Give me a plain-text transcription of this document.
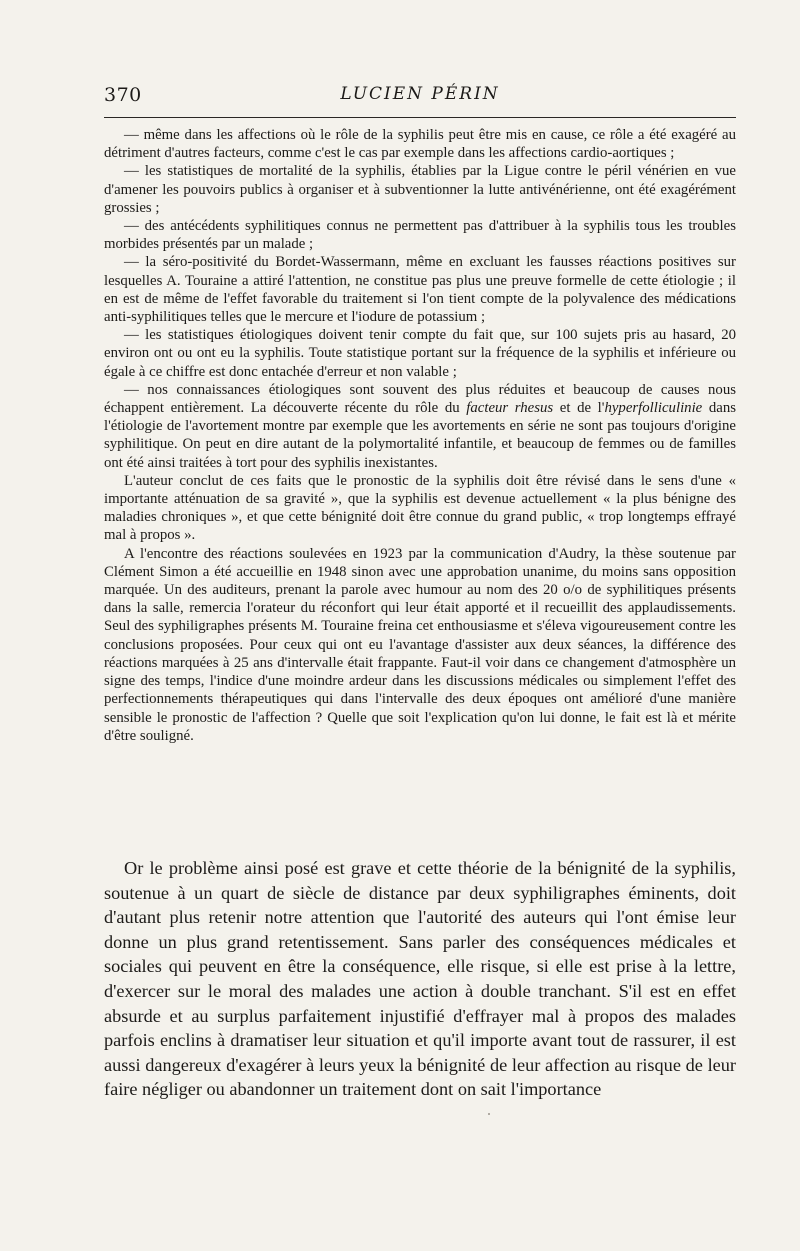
370	LUCIEN PÉRIN

— même dans les affections où le rôle de la syphilis peut être mis en cause, ce rôle a été exagéré au détriment d'autres facteurs, comme c'est le cas par exemple dans les affections cardio-aortiques ;

— les statistiques de mortalité de la syphilis, établies par la Ligue contre le péril vénérien en vue d'amener les pouvoirs publics à organiser et à subventionner la lutte antivénérienne, ont été exagérément grossies ;

— des antécédents syphilitiques connus ne permettent pas d'attribuer à la syphilis tous les troubles morbides présentés par un malade ;

— la séro-positivité du Bordet-Wassermann, même en excluant les fausses réactions positives sur lesquelles A. Touraine a attiré l'attention, ne constitue pas plus une preuve formelle de cette étiologie ; il en est de même de l'effet favorable du traitement si l'on tient compte de la polyvalence des médications anti-syphilitiques telles que le mercure et l'iodure de potassium ;

— les statistiques étiologiques doivent tenir compte du fait que, sur 100 sujets pris au hasard, 20 environ ont ou ont eu la syphilis. Toute statistique portant sur la fréquence de la syphilis et inférieure ou égale à ce chiffre est donc entachée d'erreur et non valable ;

— nos connaissances étiologiques sont souvent des plus réduites et beaucoup de causes nous échappent entièrement. La découverte récente du rôle du facteur rhesus et de l'hyperfolliculinie dans l'étiologie de l'avortement montre par exemple que les avortements en série ne sont pas toujours d'origine syphilitique. On peut en dire autant de la polymortalité infantile, et beaucoup de femmes ou de familles ont été ainsi traitées à tort pour des syphilis inexistantes.

L'auteur conclut de ces faits que le pronostic de la syphilis doit être révisé dans le sens d'une « importante atténuation de sa gravité », que la syphilis est devenue actuellement « la plus bénigne des maladies chroniques », et que cette bénignité doit être connue du grand public, « trop longtemps effrayé mal à propos ».

A l'encontre des réactions soulevées en 1923 par la communication d'Audry, la thèse soutenue par Clément Simon a été accueillie en 1948 sinon avec une approbation unanime, du moins sans opposition marquée. Un des auditeurs, prenant la parole avec humour au nom des 20 o/o de syphilitiques présents dans la salle, remercia l'orateur du réconfort qui leur était apporté et il recueillit des applaudissements. Seul des syphiligraphes présents M. Touraine freina cet enthousiasme et s'éleva vigoureusement contre les conclusions proposées. Pour ceux qui ont eu l'avantage d'assister aux deux séances, la différence des réactions marquées à 25 ans d'intervalle était frappante. Faut-il voir dans ce changement d'atmosphère un signe des temps, l'indice d'une moindre ardeur dans les discussions médicales ou simplement l'effet des perfectionnements thérapeutiques qui dans l'intervalle des deux époques ont amélioré d'une manière sensible le pronostic de l'affection ? Quelle que soit l'explication qu'on lui donne, le fait est là et mérite d'être souligné.

Or le problème ainsi posé est grave et cette théorie de la bénignité de la syphilis, soutenue à un quart de siècle de distance par deux syphiligraphes éminents, doit d'autant plus retenir notre attention que l'autorité des auteurs qui l'ont émise leur donne un plus grand retentissement. Sans parler des conséquences médicales et sociales qui peuvent en être la conséquence, elle risque, si elle est prise à la lettre, d'exercer sur le moral des malades une action à double tranchant. S'il est en effet absurde et au surplus parfaitement injustifié d'effrayer mal à propos des malades parfois enclins à dramatiser leur situation et qu'il importe avant tout de rassurer, il est aussi dangereux d'exagérer à leurs yeux la bénignité de leur affection au risque de leur faire négliger ou abandonner un traitement dont on sait l'importance
